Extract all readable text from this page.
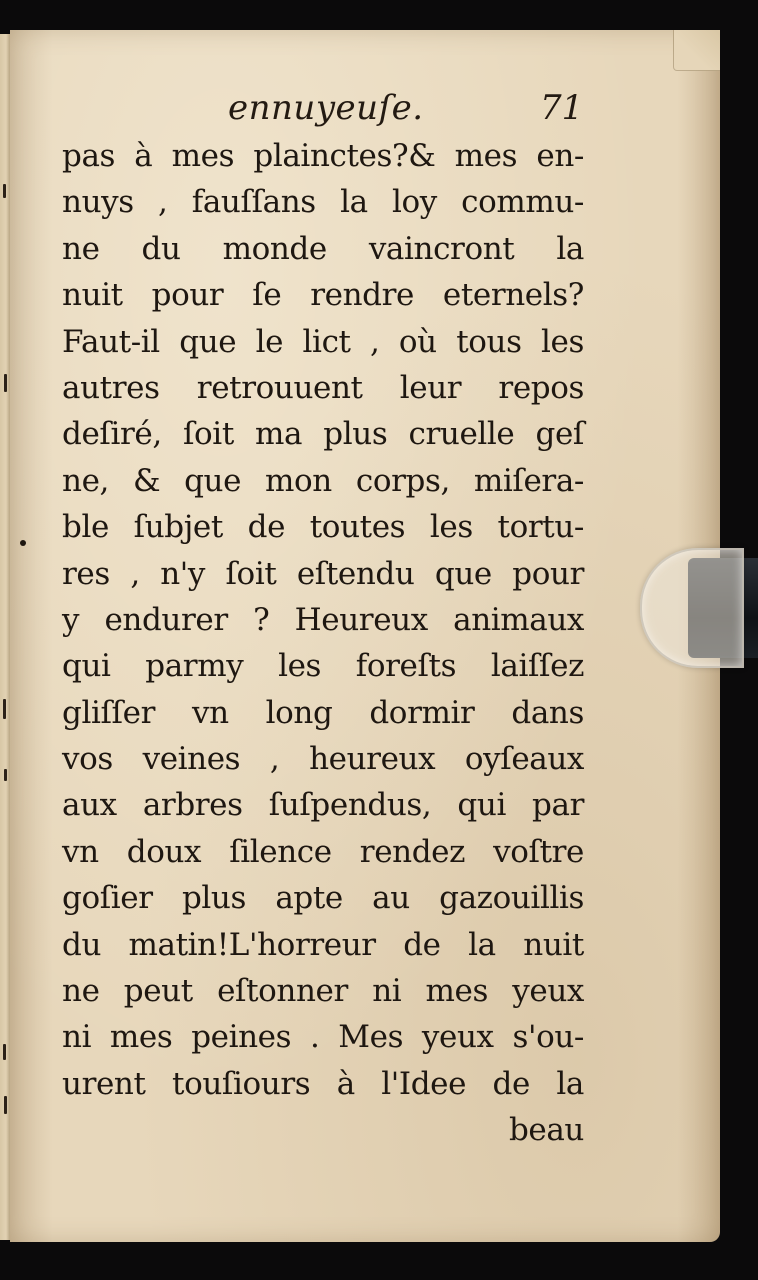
ennuyeuſe.	71
pas à mes plainctes?& mes en-
nuys , fauſſans la loy commu-
ne du monde vaincront la
nuit pour ſe rendre eternels?
Faut-il que le lict , où tous les
autres retrouuent leur repos
deſiré, ſoit ma plus cruelle geſ
ne, & que mon corps, miſera-
ble ſubjet de toutes les tortu-
res , n'y ſoit eſtendu que pour
y endurer ? Heureux animaux
qui parmy les foreſts laiſſez
gliſſer vn long dormir dans
vos veines , heureux oyſeaux
aux arbres ſuſpendus, qui par
vn doux ſilence rendez voſtre
goſier plus apte au gazouillis
du matin!L'horreur de la nuit
ne peut eſtonner ni mes yeux
ni mes peines . Mes yeux s'ou-
urent touſiours à l'Idee de la
beau
